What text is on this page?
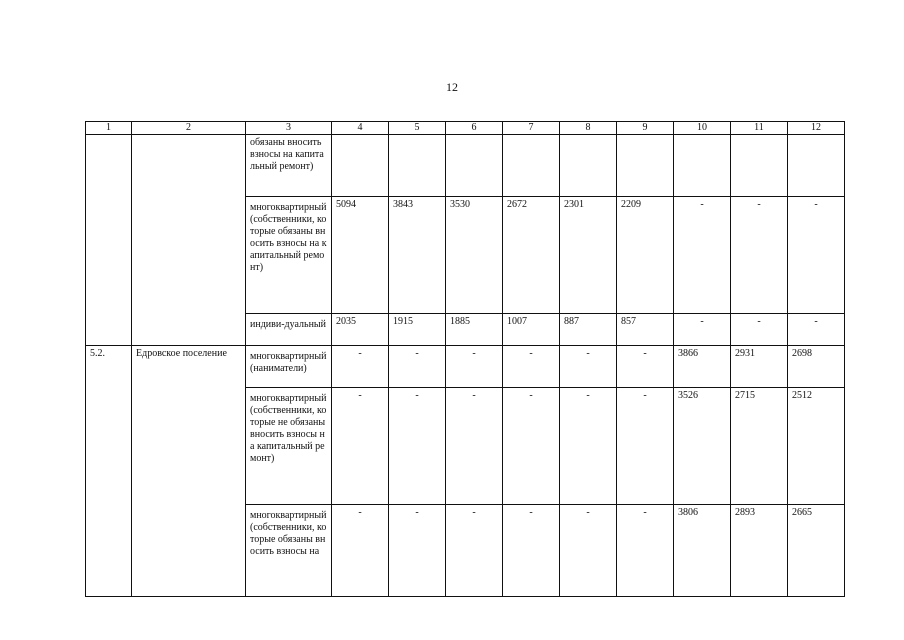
12
1	2	3	4	5	6	7	8	9	10	11	12
		обязаны вносить взносы на капитальный ремонт)									
		многоквартирный (собственники, которые обязаны вносить взносы на капитальный ремонт)	5094	3843	3530	2672	2301	2209	-	-	-
		индиви-дуальный	2035	1915	1885	1007	887	857	-	-	-
5.2.	Едровское поселение	многоквартирный (наниматели)	-	-	-	-	-	-	3866	2931	2698
		многоквартирный (собственники, которые не обязаны вносить взносы на капитальный ремонт)	-	-	-	-	-	-	3526	2715	2512
		многоквартирный (собственники, которые обязаны вносить взносы на	-	-	-	-	-	-	3806	2893	2665
